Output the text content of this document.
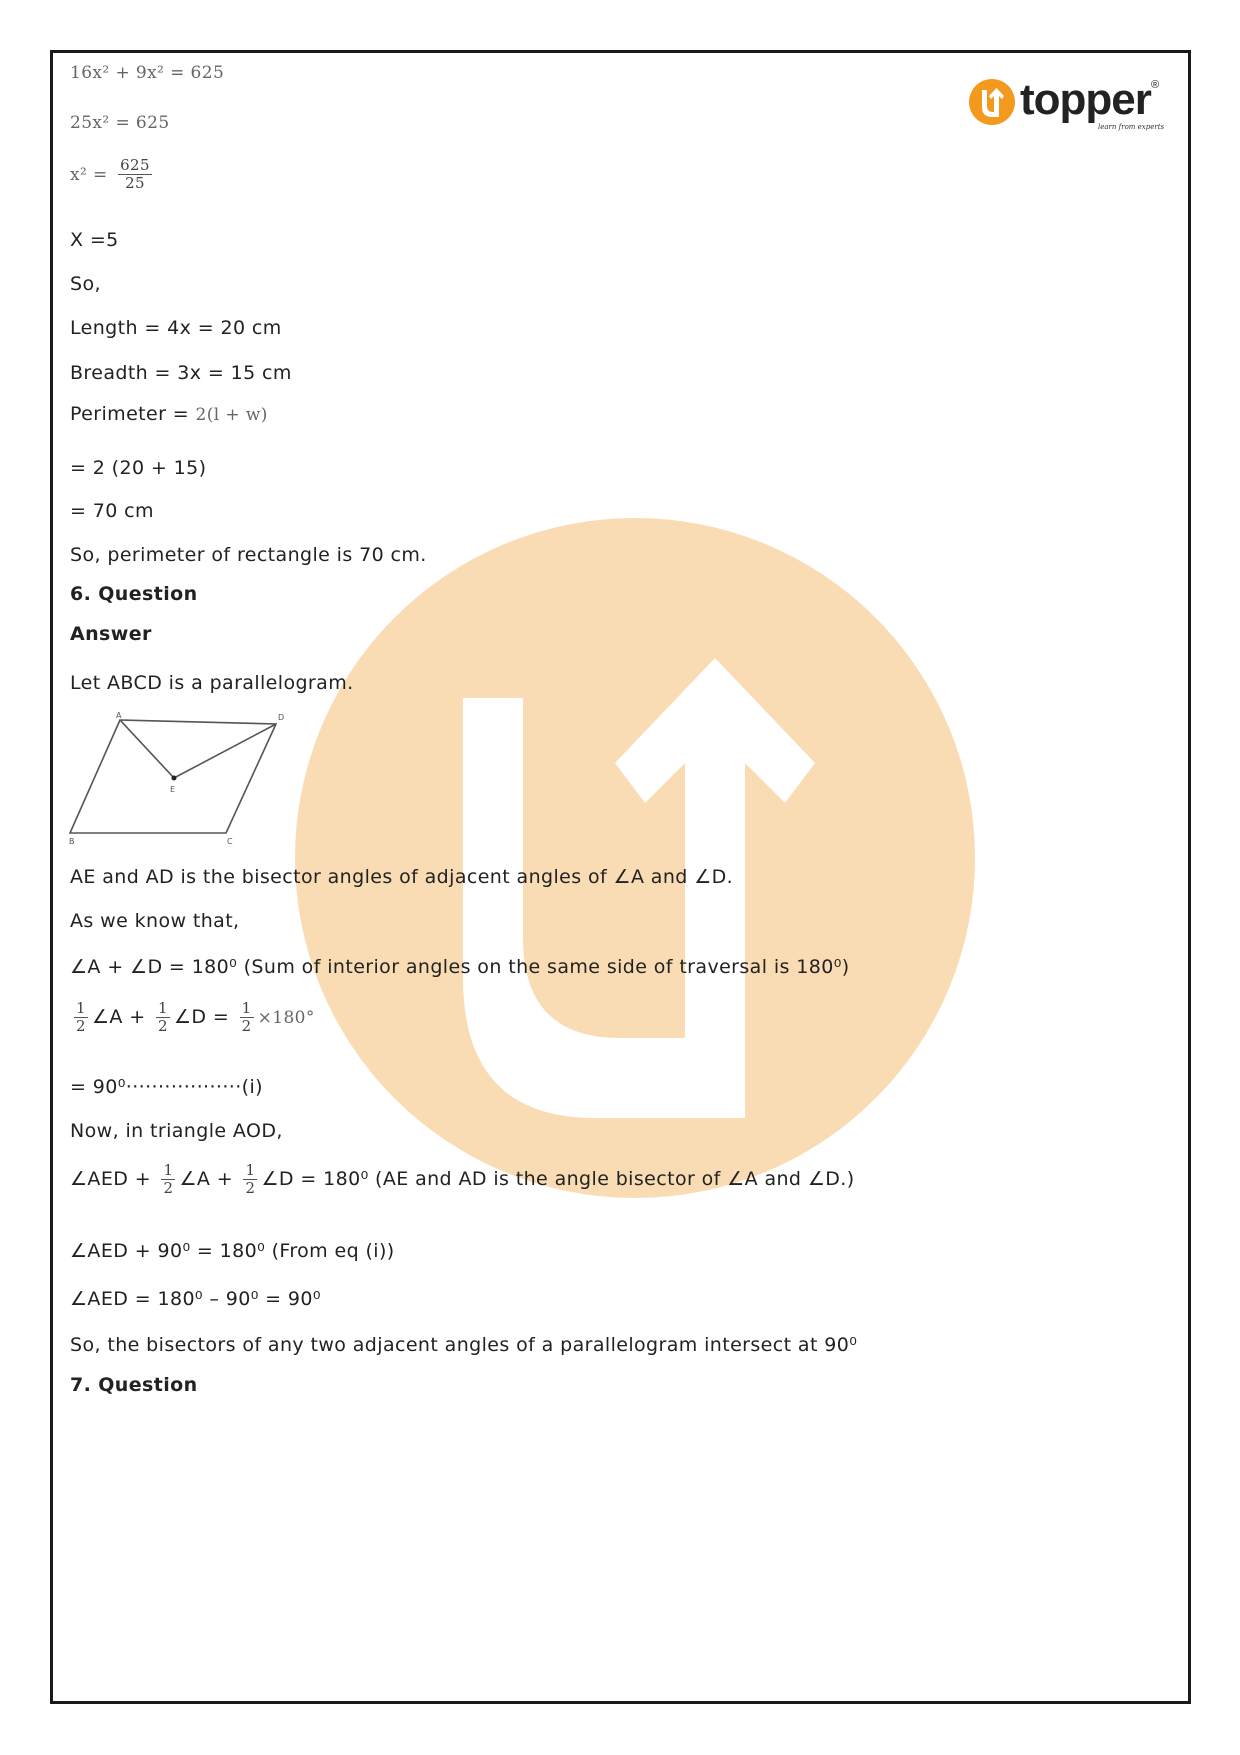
topper ®
learn from experts
16x² + 9x² = 625
25x² = 625
$x^2 = \frac{625}{25}$
X =5
So,
Length = 4x = 20 cm
Breadth = 3x = 15 cm
Perimeter = 2(l + w)
= 2 (20 + 15)
= 70 cm
So, perimeter of rectangle is 70 cm.
6. Question
Answer
Let ABCD is a parallelogram.
A	D
E
B	C
AE and AD is the bisector angles of adjacent angles of ∠A and ∠D.
As we know that,
∠A + ∠D = 180⁰ (Sum of interior angles on the same side of traversal is 180⁰)
$\frac{1}{2}$ ∠A + $\frac{1}{2}$ ∠D = $\frac{1}{2} \times 180^\circ$
= 90⁰··················(i)
Now, in triangle AOD,
∠AED + $\frac{1}{2}$ ∠A + $\frac{1}{2}$ ∠D = 180⁰ (AE and AD is the angle bisector of ∠A and ∠D.)
∠AED + 90⁰ = 180⁰ (From eq (i))
∠AED = 180⁰ – 90⁰ = 90⁰
So, the bisectors of any two adjacent angles of a parallelogram intersect at 90⁰
7. Question
